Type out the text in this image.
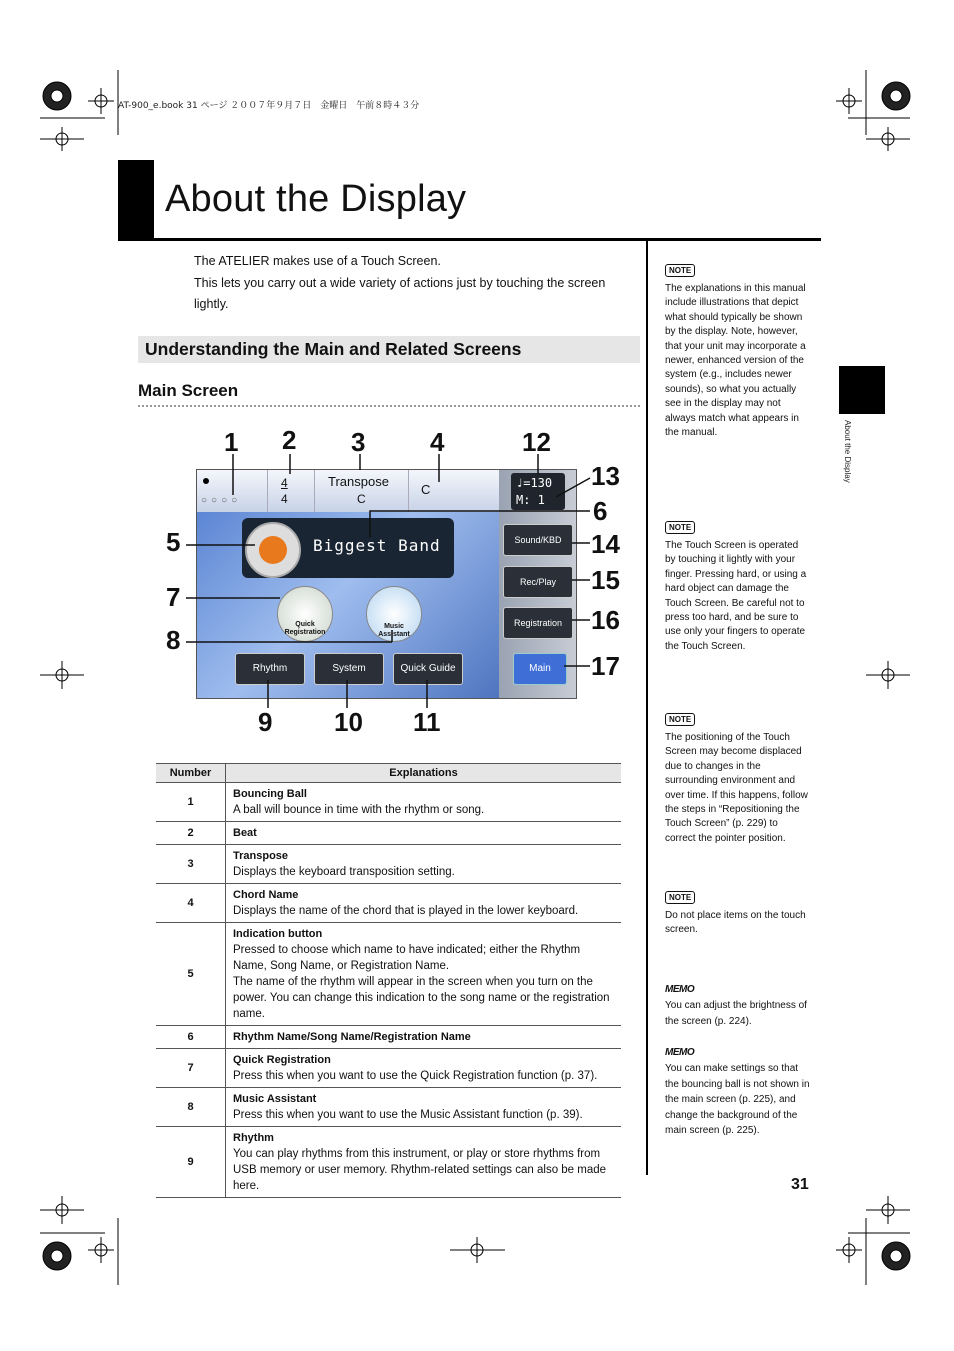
AT-900_e.book 31 ページ ２００７年９月７日　金曜日　午前８時４３分
About the Display
About the Display
The ATELIER makes use of a Touch Screen.
This lets you carry out a wide variety of actions just by touching the screen lightly.
Understanding the Main and Related Screens
Main Screen
○○○○
4
4
Transpose
C
C	♩=130
M: 1
Biggest Band
Quick Registration
Music Assistant
Rhythm	System	Quick Guide
Sound/KBD
Rec/Play
Registration
Main
1 2 3 4	12
13
6
5	14
15
7
16
8
17
9 10 11
Number	Explanations
1	Bouncing Ball
A ball will bounce in time with the rhythm or song.

2	Beat

3	Transpose
Displays the keyboard transposition setting.

4	Chord Name
Displays the name of the chord that is played in the lower keyboard.

5	Indication button
Pressed to choose which name to have indicated; either the Rhythm Name, Song Name, or Registration Name.
The name of the rhythm will appear in the screen when you turn on the power. You can change this indication to the song name or the registration name.

6	Rhythm Name/Song Name/Registration Name

7	Quick Registration
Press this when you want to use the Quick Registration function (p. 37).

8	Music Assistant
Press this when you want to use the Music Assistant function (p. 39).

9	Rhythm
You can play rhythms from this instrument, or play or store rhythms from USB memory or user memory. Rhythm-related settings can also be made here.
NOTE
The explanations in this manual include illustrations that depict what should typically be shown by the display. Note, however, that your unit may incorporate a newer, enhanced version of the system (e.g., includes newer sounds), so what you actually see in the display may not always match what appears in the manual.
NOTE
The Touch Screen is operated by touching it lightly with your finger. Pressing hard, or using a hard object can damage the Touch Screen. Be careful not to press too hard, and be sure to use only your fingers to operate the Touch Screen.
NOTE
The positioning of the Touch Screen may become displaced due to changes in the surrounding environment and over time. If this happens, follow the steps in “Repositioning the Touch Screen” (p. 229) to correct the pointer position.
NOTE
Do not place items on the touch screen.
MEMO
You can adjust the brightness of the screen (p. 224).
MEMO
You can make settings so that the bouncing ball is not shown in the main screen (p. 225), and change the background of the main screen (p. 225).
31
